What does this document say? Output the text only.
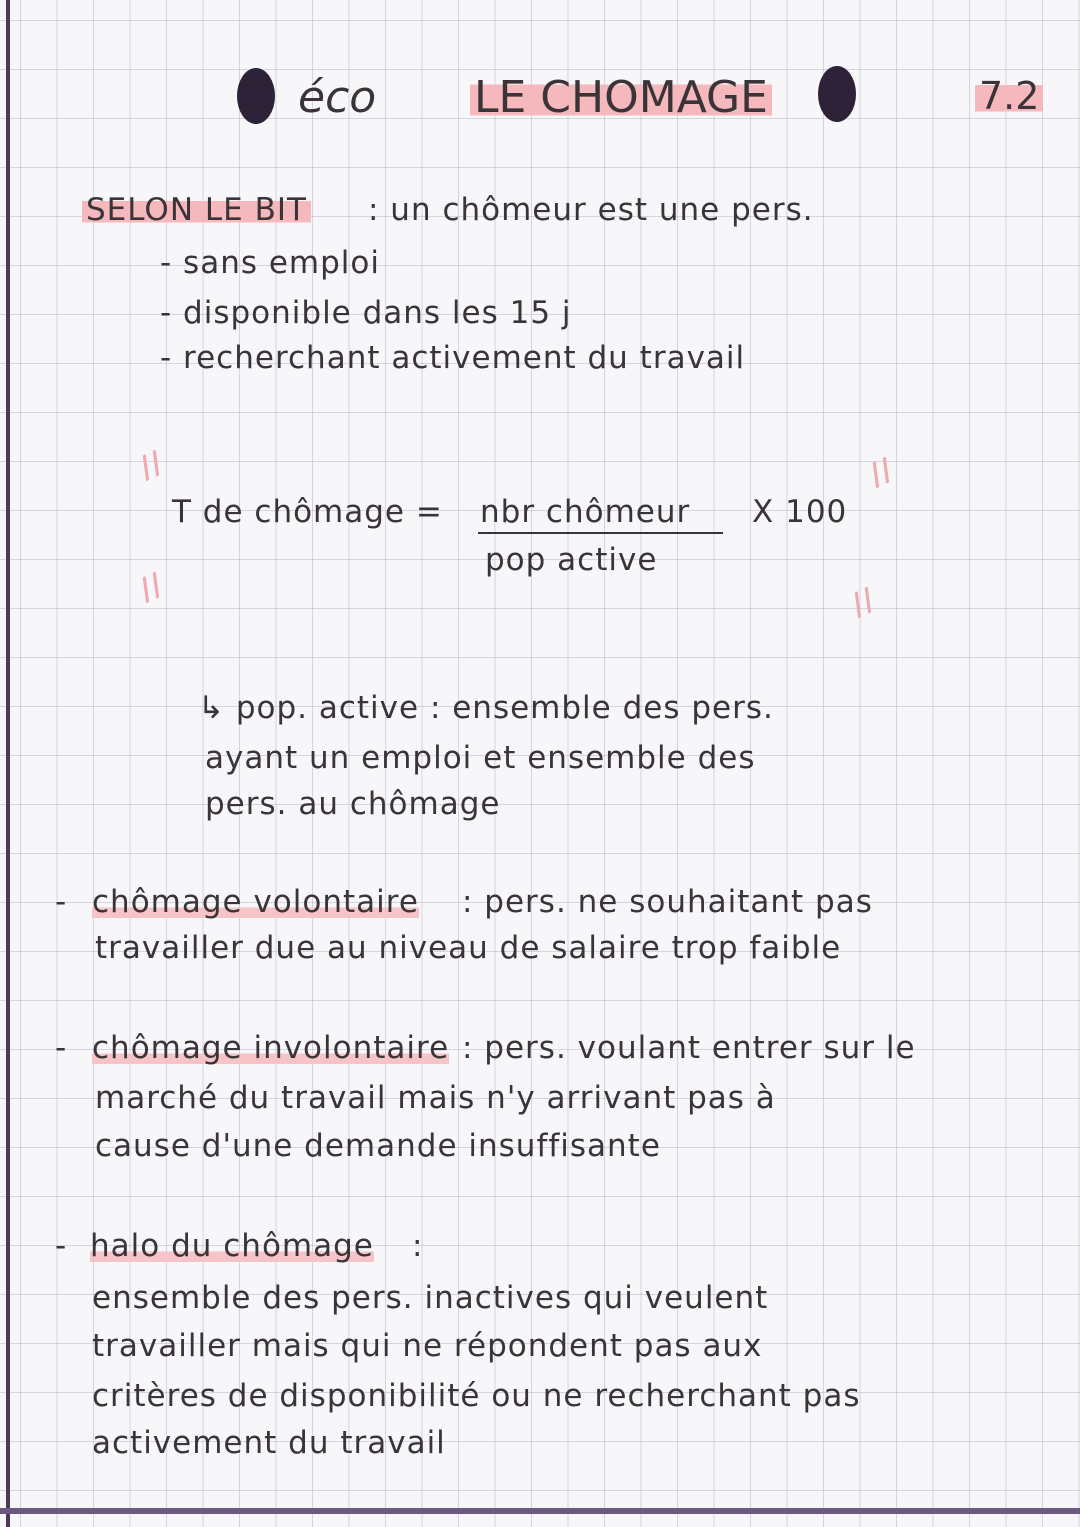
éco LE CHOMAGE	7.2
SELON LE BIT : un chômeur est une pers.
- sans emploi
- disponible dans les 15 j
- recherchant activement du travail
//	//
//	//
T de chômage = nbr chômeur X 100
pop active
↳ pop. active : ensemble des pers.
ayant un emploi et ensemble des
pers. au chômage
- chômage volontaire : pers. ne souhaitant pas
travailler due au niveau de salaire trop faible
- chômage involontaire : pers. voulant entrer sur le
marché du travail mais n'y arrivant pas à
cause d'une demande insuffisante
- halo du chômage :
ensemble des pers. inactives qui veulent
travailler mais qui ne répondent pas aux
critères de disponibilité ou ne recherchant pas
activement du travail
